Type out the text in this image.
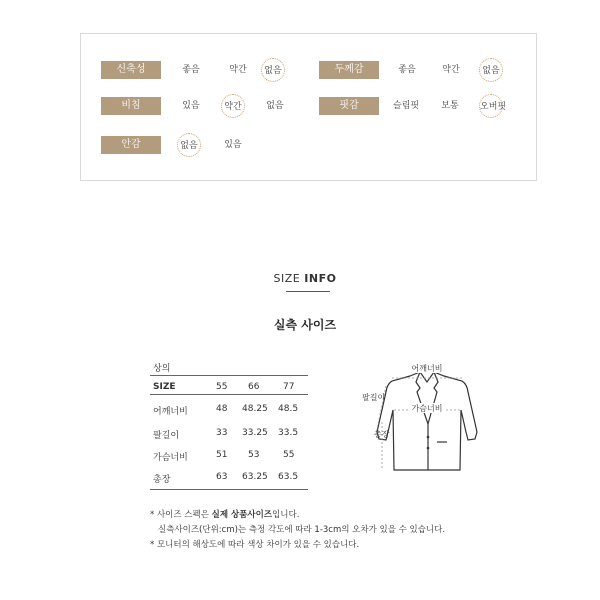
신축성	좋음	약간	없음	두께감	좋음	약간	없음
비침	있음	약간	없음	핏감	슬림핏	보통	오버핏
안감	없음	있음
SIZE INFO
실측 사이즈
상의
SIZE	55 66	77
어깨너비	48 48.25 48.5
팔길이	33 33.25 33.5
가슴너비	51 53	55
총장	63 63.25 63.5
어깨너비
가슴너비
팔길이
총장
* 사이즈 스펙은 실제 상품사이즈입니다.
실측사이즈(단위:cm)는 측정 각도에 따라 1-3cm의 오차가 있을 수 있습니다.
* 모니터의 해상도에 따라 색상 차이가 있을 수 있습니다.
